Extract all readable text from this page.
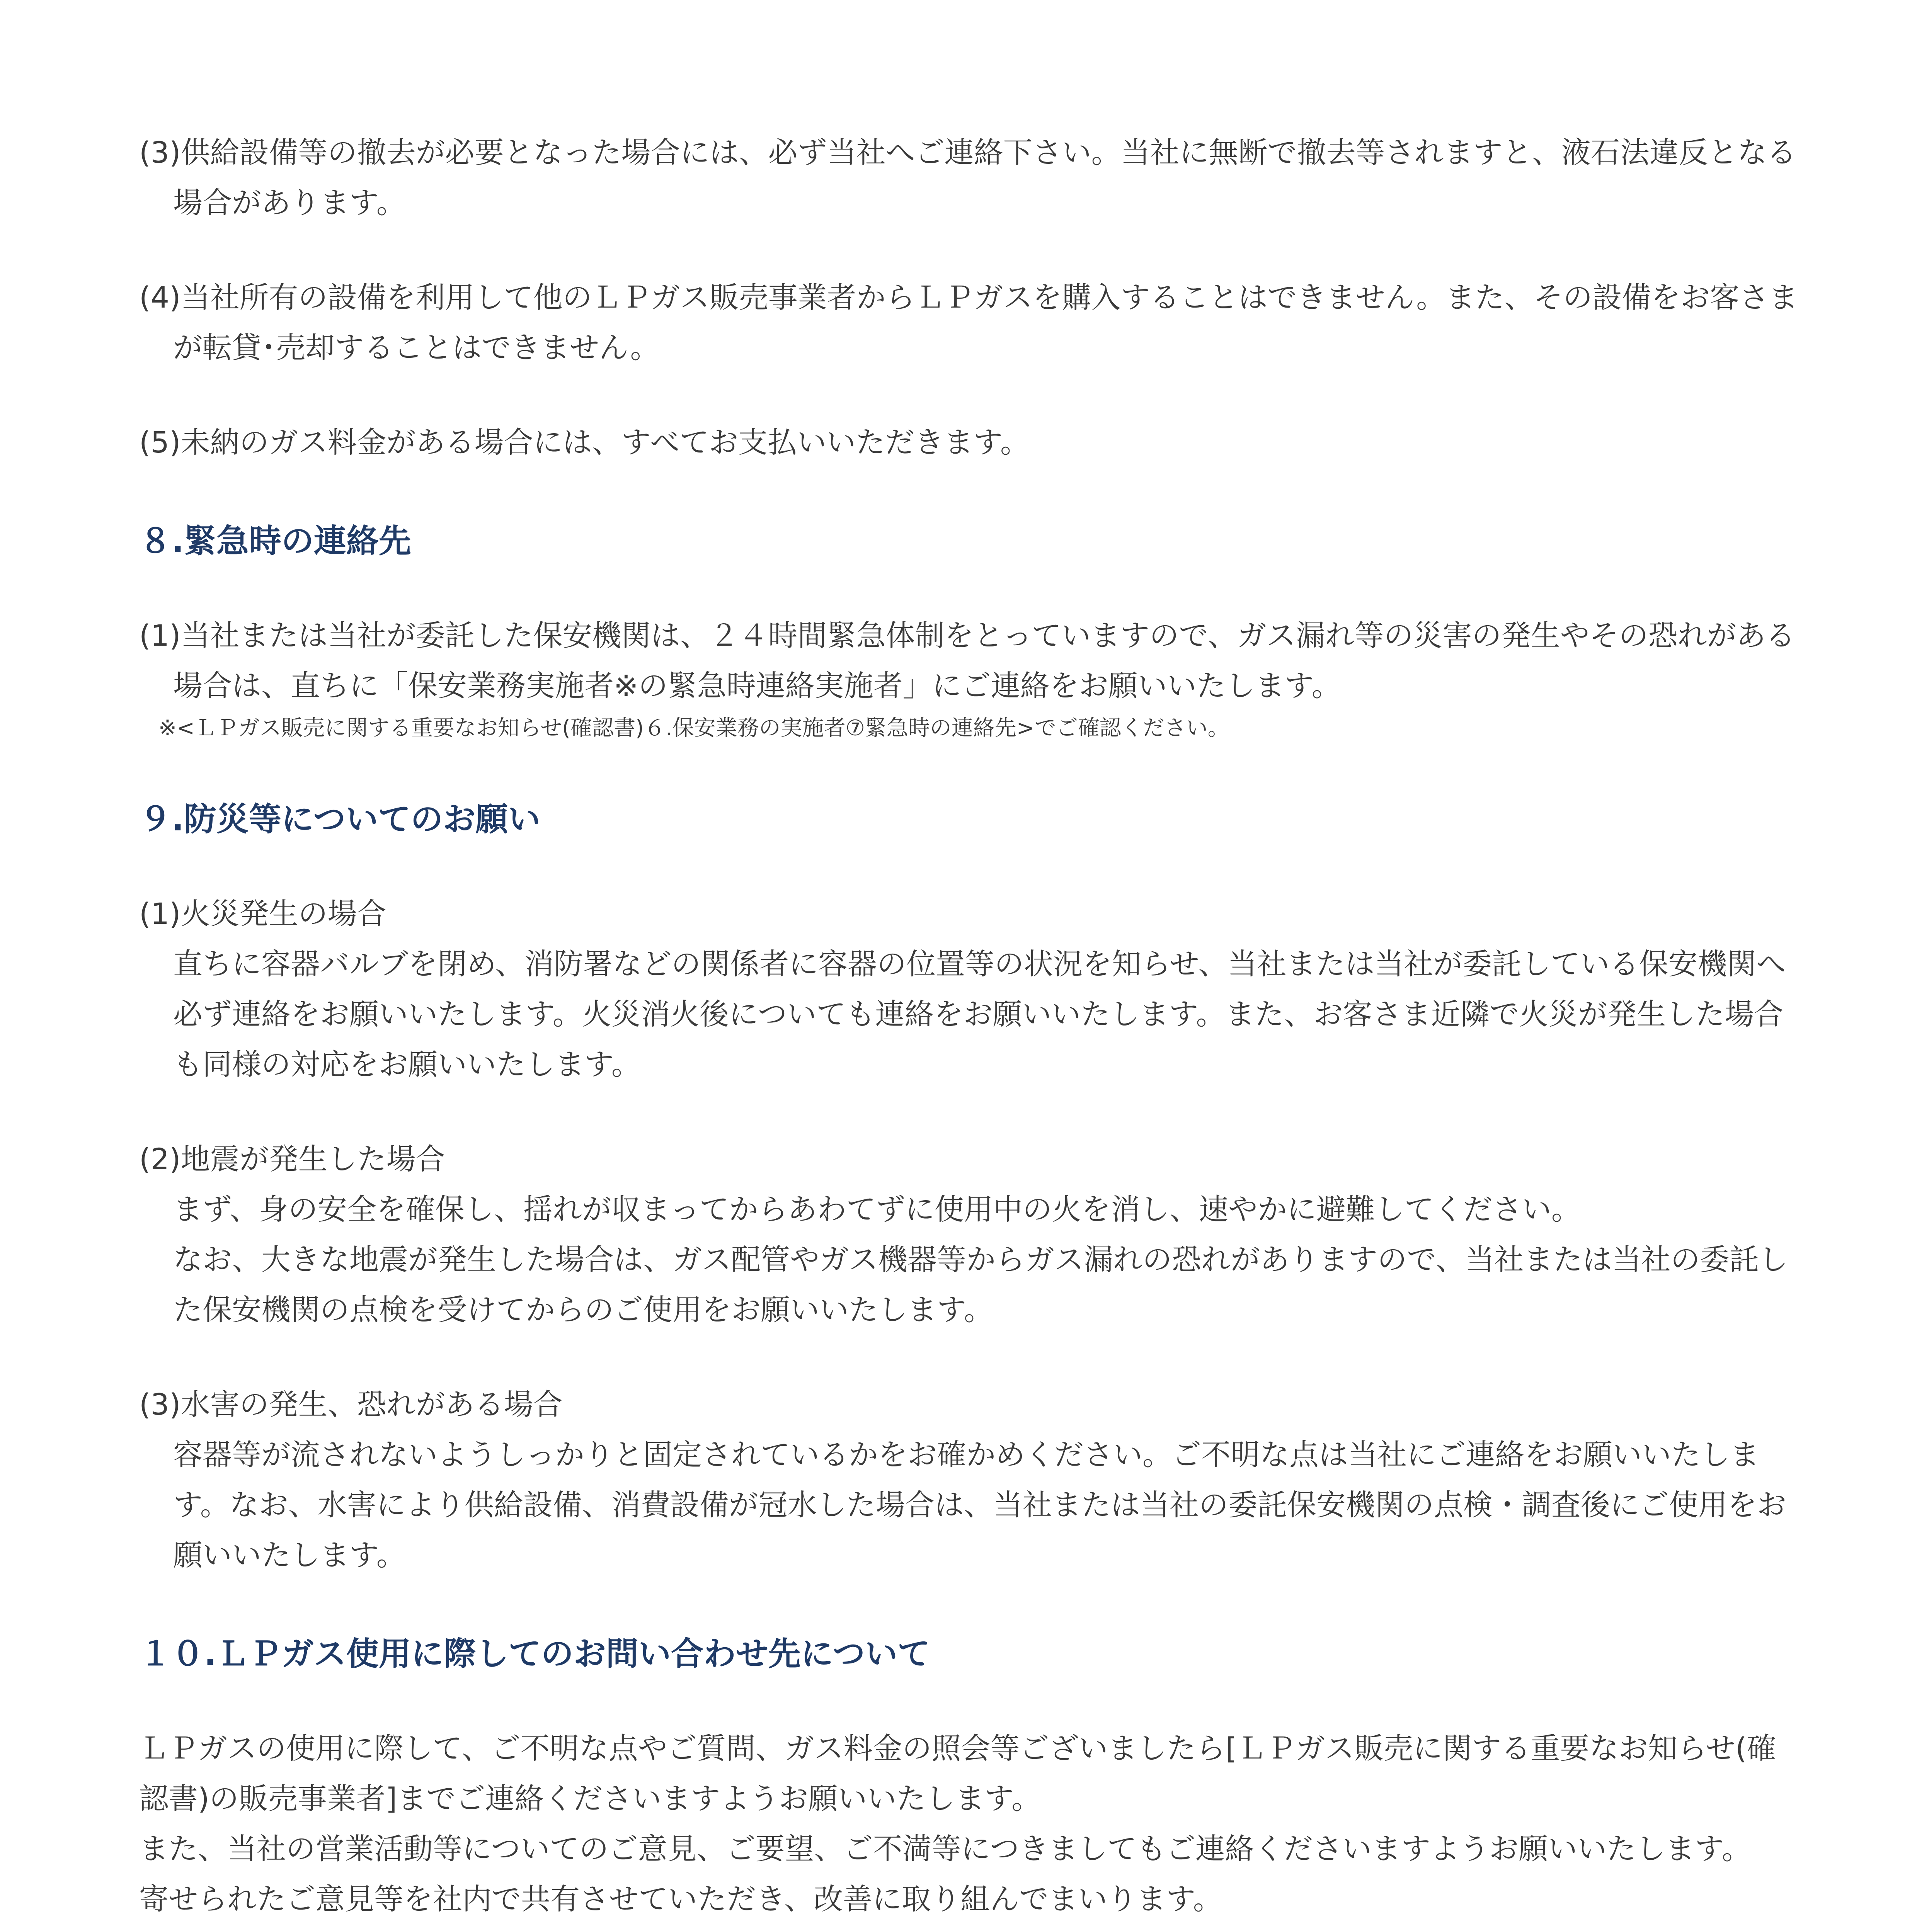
(3)供給設備等の撤去が必要となった場合には、必ず当社へご連絡下さい。当社に無断で撤去等されますと、液石法違反となる場合があります。

(4)当社所有の設備を利用して他のＬＰガス販売事業者からＬＰガスを購入することはできません。また、その設備をお客さまが転貸･売却することはできません。

(5)未納のガス料金がある場合には、すべてお支払いいただきます。

８.緊急時の連絡先

(1)当社または当社が委託した保安機関は、２４時間緊急体制をとっていますので、ガス漏れ等の災害の発生やその恐れがある場合は、直ちに「保安業務実施者※の緊急時連絡実施者」にご連絡をお願いいたします。

※<ＬＰガス販売に関する重要なお知らせ(確認書)６.保安業務の実施者⑦緊急時の連絡先>でご確認ください。

９.防災等についてのお願い

(1)火災発生の場合

直ちに容器バルブを閉め、消防署などの関係者に容器の位置等の状況を知らせ、当社または当社が委託している保安機関へ必ず連絡をお願いいたします。火災消火後についても連絡をお願いいたします。また、お客さま近隣で火災が発生した場合も同様の対応をお願いいたします。

(2)地震が発生した場合

まず、身の安全を確保し、揺れが収まってからあわてずに使用中の火を消し、速やかに避難してください。

なお、大きな地震が発生した場合は、ガス配管やガス機器等からガス漏れの恐れがありますので、当社または当社の委託した保安機関の点検を受けてからのご使用をお願いいたします。

(3)水害の発生、恐れがある場合

容器等が流されないようしっかりと固定されているかをお確かめください。ご不明な点は当社にご連絡をお願いいたします。なお、水害により供給設備、消費設備が冠水した場合は、当社または当社の委託保安機関の点検・調査後にご使用をお願いいたします。

１０.ＬＰガス使用に際してのお問い合わせ先について

ＬＰガスの使用に際して、ご不明な点やご質問、ガス料金の照会等ございましたら[ＬＰガス販売に関する重要なお知らせ(確認書)の販売事業者]までご連絡くださいますようお願いいたします。

また、当社の営業活動等についてのご意見、ご要望、ご不満等につきましてもご連絡くださいますようお願いいたします。

寄せられたご意見等を社内で共有させていただき、改善に取り組んでまいります。
